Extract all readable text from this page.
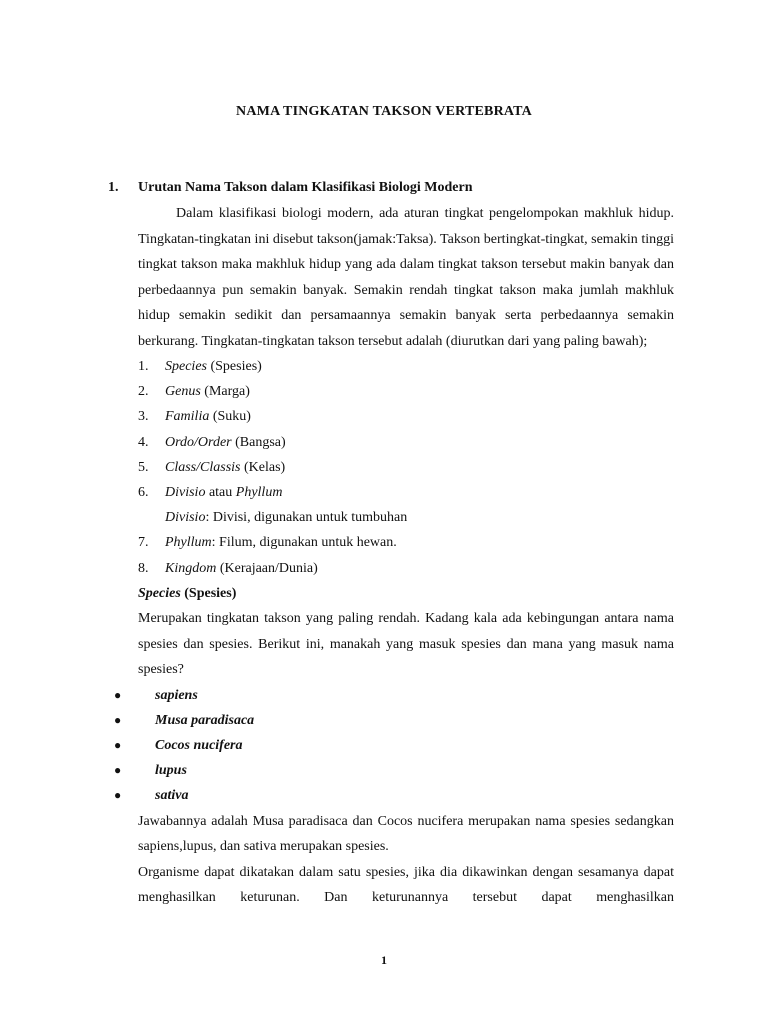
NAMA TINGKATAN TAKSON VERTEBRATA
1. Urutan Nama Takson dalam Klasifikasi Biologi Modern

Dalam klasifikasi biologi modern, ada aturan tingkat pengelompokan makhluk hidup. Tingkatan-tingkatan ini disebut takson(jamak:Taksa). Takson bertingkat-tingkat, semakin tinggi tingkat takson maka makhluk hidup yang ada dalam tingkat takson tersebut makin banyak dan perbedaannya pun semakin banyak. Semakin rendah tingkat takson maka jumlah makhluk hidup semakin sedikit dan persamaannya semakin banyak serta perbedaannya semakin berkurang. Tingkatan-tingkatan takson tersebut adalah (diurutkan dari yang paling bawah);

1. Species (Spesies)
2. Genus (Marga)
3. Familia (Suku)
4. Ordo/Order (Bangsa)
5. Class/Classis (Kelas)
6. Divisio atau Phyllum
Divisio: Divisi, digunakan untuk tumbuhan
7. Phyllum: Filum, digunakan untuk hewan.
8. Kingdom (Kerajaan/Dunia)
Species (Spesies)

Merupakan tingkatan takson yang paling rendah. Kadang kala ada kebingungan antara nama spesies dan spesies. Berikut ini, manakah yang masuk spesies dan mana yang masuk nama spesies?

● sapiens
● Musa paradisaca
● Cocos nucifera
● lupus
● sativa

Jawabannya adalah Musa paradisaca dan Cocos nucifera merupakan nama spesies sedangkan sapiens,lupus, dan sativa merupakan spesies.

Organisme dapat dikatakan dalam satu spesies, jika dia dikawinkan dengan sesamanya dapat menghasilkan keturunan. Dan keturunannya tersebut dapat menghasilkan

1
